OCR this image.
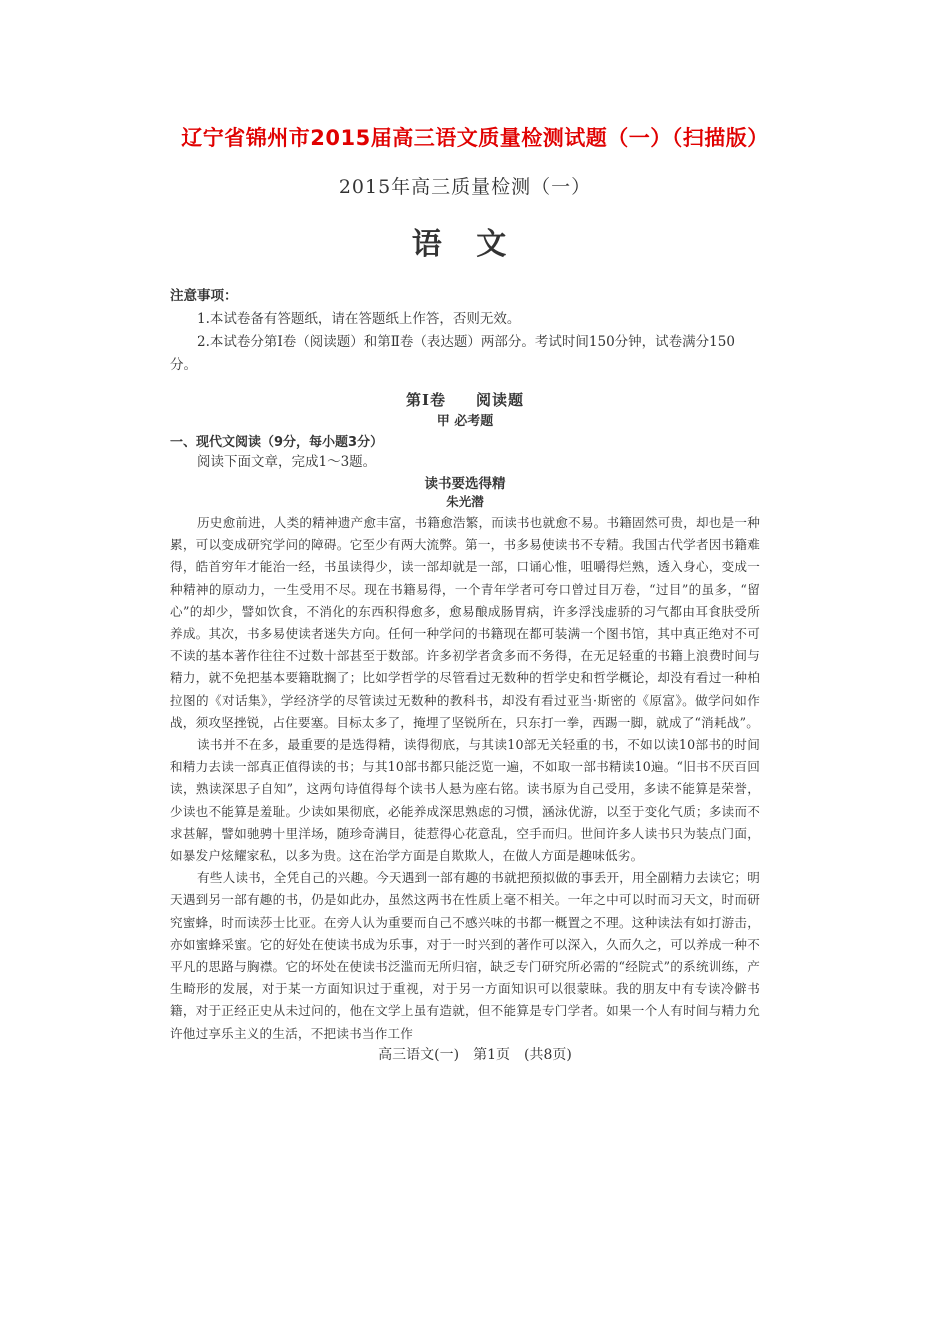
辽宁省锦州市2015届高三语文质量检测试题（一）（扫描版）

2015年高三质量检测（一）

语 文

注意事项：

1.本试卷备有答题纸，请在答题纸上作答，否则无效。

2.本试卷分第Ⅰ卷（阅读题）和第Ⅱ卷（表达题）两部分。考试时间150分钟，试卷满分150分。

第Ⅰ卷 阅读题

甲 必考题

一、现代文阅读（9分，每小题3分）

阅读下面文章，完成1～3题。

读书要选得精

朱光潜

历史愈前进，人类的精神遗产愈丰富，书籍愈浩繁，而读书也就愈不易。书籍固然可贵，却也是一种累，可以变成研究学问的障碍。它至少有两大流弊。第一，书多易使读书不专精。我国古代学者因书籍难得，皓首穷年才能治一经，书虽读得少，读一部却就是一部，口诵心惟，咀嚼得烂熟，透入身心，变成一种精神的原动力，一生受用不尽。现在书籍易得，一个青年学者可夸口曾过目万卷，“过目”的虽多，“留心”的却少，譬如饮食，不消化的东西积得愈多，愈易酿成肠胃病，许多浮浅虚骄的习气都由耳食肤受所养成。其次，书多易使读者迷失方向。任何一种学问的书籍现在都可装满一个图书馆，其中真正绝对不可不读的基本著作往往不过数十部甚至于数部。许多初学者贪多而不务得，在无足轻重的书籍上浪费时间与精力，就不免把基本要籍耽搁了；比如学哲学的尽管看过无数种的哲学史和哲学概论，却没有看过一种柏拉图的《对话集》，学经济学的尽管读过无数种的教科书，却没有看过亚当·斯密的《原富》。做学问如作战，须攻坚挫锐，占住要塞。目标太多了，掩埋了坚锐所在，只东打一拳，西踢一脚，就成了“消耗战”。

读书并不在多，最重要的是选得精，读得彻底，与其读10部无关轻重的书，不如以读10部书的时间和精力去读一部真正值得读的书；与其10部书都只能泛览一遍，不如取一部书精读10遍。“旧书不厌百回读，熟读深思子自知”，这两句诗值得每个读书人悬为座右铭。读书原为自己受用，多读不能算是荣誉，少读也不能算是羞耻。少读如果彻底，必能养成深思熟虑的习惯，涵泳优游，以至于变化气质；多读而不求甚解，譬如驰骋十里洋场，随珍奇满目，徒惹得心花意乱，空手而归。世间许多人读书只为装点门面，如暴发户炫耀家私，以多为贵。这在治学方面是自欺欺人，在做人方面是趣味低劣。

有些人读书，全凭自己的兴趣。今天遇到一部有趣的书就把预拟做的事丢开，用全副精力去读它；明天遇到另一部有趣的书，仍是如此办，虽然这两书在性质上毫不相关。一年之中可以时而习天文，时而研究蜜蜂，时而读莎士比亚。在旁人认为重要而自己不感兴味的书都一概置之不理。这种读法有如打游击，亦如蜜蜂采蜜。它的好处在使读书成为乐事，对于一时兴到的著作可以深入，久而久之，可以养成一种不平凡的思路与胸襟。它的坏处在使读书泛滥而无所归宿，缺乏专门研究所必需的“经院式”的系统训练，产生畸形的发展，对于某一方面知识过于重视，对于另一方面知识可以很蒙昧。我的朋友中有专读冷僻书籍，对于正经正史从未过问的，他在文学上虽有造就，但不能算是专门学者。如果一个人有时间与精力允许他过享乐主义的生活，不把读书当作工作

高三语文(一)　第1页　(共8页)
